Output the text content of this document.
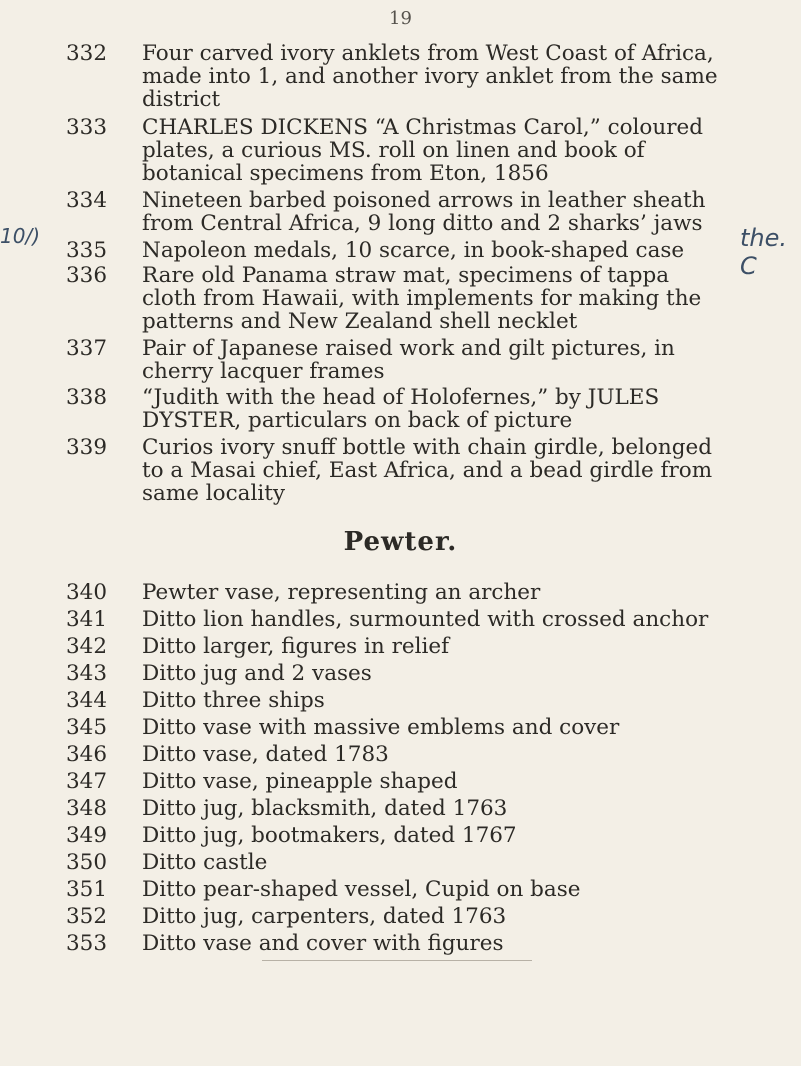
19
10/)	the. C
332	Four carved ivory anklets from West Coast of Africa, made into 1, and another ivory anklet from the same district
333	CHARLES DICKENS “A Christmas Carol,” coloured plates, a curious MS. roll on linen and book of botanical specimens from Eton, 1856
334	Nineteen barbed poisoned arrows in leather sheath from Central Africa, 9 long ditto and 2 sharks’ jaws
335	Napoleon medals, 10 scarce, in book-shaped case
336	Rare old Panama straw mat, specimens of tappa cloth from Hawaii, with implements for making the patterns and New Zealand shell necklet
337	Pair of Japanese raised work and gilt pictures, in cherry lacquer frames
338	“Judith with the head of Holofernes,” by JULES DYSTER, particulars on back of picture
339	Curios ivory snuff bottle with chain girdle, belonged to a Masai chief, East Africa, and a bead girdle from same locality
Pewter.
340	Pewter vase, representing an archer
341	Ditto lion handles, surmounted with crossed anchor
342	Ditto larger, figures in relief
343	Ditto jug and 2 vases
344	Ditto three ships
345	Ditto vase with massive emblems and cover
346	Ditto vase, dated 1783
347	Ditto vase, pineapple shaped
348	Ditto jug, blacksmith, dated 1763
349	Ditto jug, bootmakers, dated 1767
350	Ditto castle
351	Ditto pear-shaped vessel, Cupid on base
352	Ditto jug, carpenters, dated 1763
353	Ditto vase and cover with figures
